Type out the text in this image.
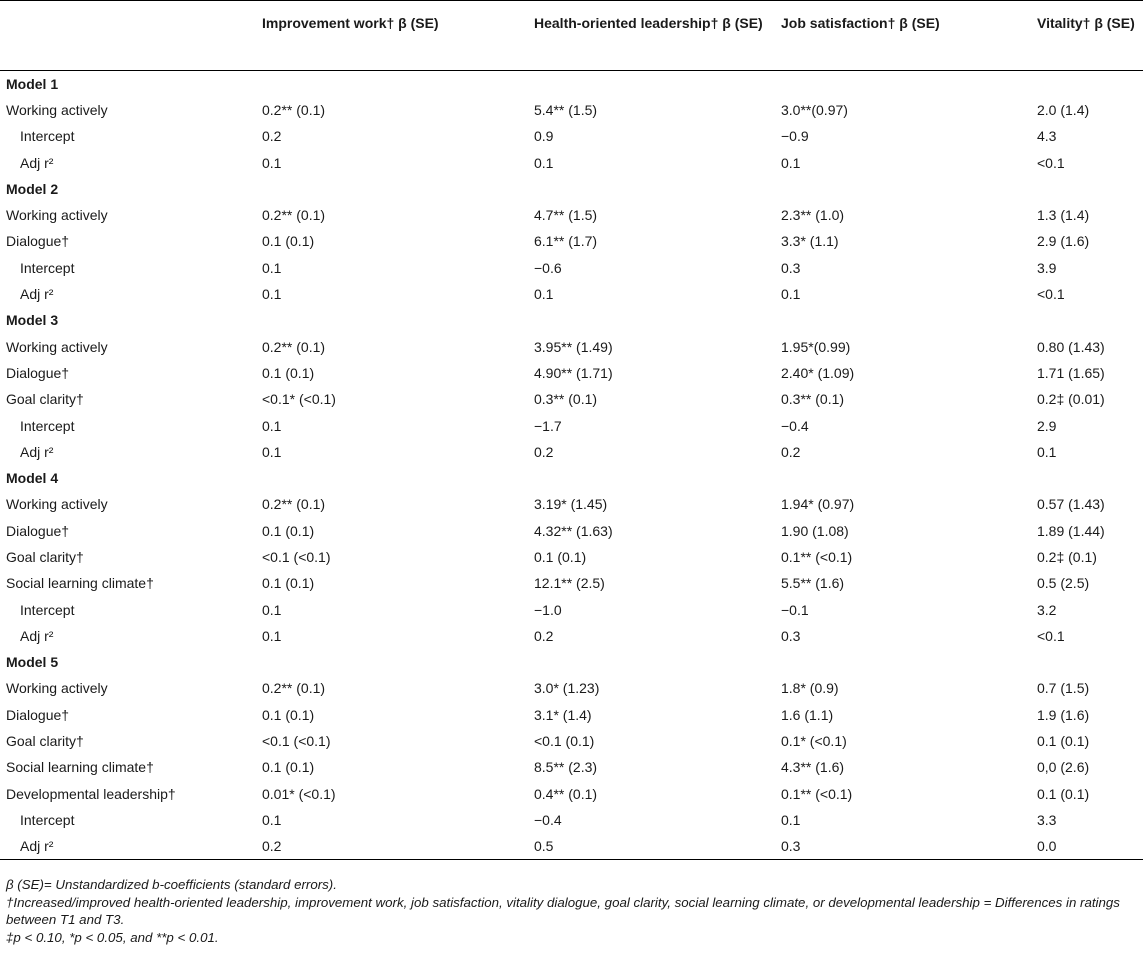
	Improvement work† β (SE)	Health-oriented leadership† β (SE)	Job satisfaction† β (SE)	Vitality† β (SE)
Model 1				
Working actively	0.2** (0.1)	5.4** (1.5)	3.0**(0.97)	2.0 (1.4)
Intercept	0.2	0.9	−0.9	4.3
Adj r²	0.1	0.1	0.1	<0.1
Model 2				
Working actively	0.2** (0.1)	4.7** (1.5)	2.3** (1.0)	1.3 (1.4)
Dialogue†	0.1 (0.1)	6.1** (1.7)	3.3* (1.1)	2.9 (1.6)
Intercept	0.1	−0.6	0.3	3.9
Adj r²	0.1	0.1	0.1	<0.1
Model 3				
Working actively	0.2** (0.1)	3.95** (1.49)	1.95*(0.99)	0.80 (1.43)
Dialogue†	0.1 (0.1)	4.90** (1.71)	2.40* (1.09)	1.71 (1.65)
Goal clarity†	<0.1* (<0.1)	0.3** (0.1)	0.3** (0.1)	0.2‡ (0.01)
Intercept	0.1	−1.7	−0.4	2.9
Adj r²	0.1	0.2	0.2	0.1
Model 4				
Working actively	0.2** (0.1)	3.19* (1.45)	1.94* (0.97)	0.57 (1.43)
Dialogue†	0.1 (0.1)	4.32** (1.63)	1.90 (1.08)	1.89 (1.44)
Goal clarity†	<0.1 (<0.1)	0.1 (0.1)	0.1** (<0.1)	0.2‡ (0.1)
Social learning climate†	0.1 (0.1)	12.1** (2.5)	5.5** (1.6)	0.5 (2.5)
Intercept	0.1	−1.0	−0.1	3.2
Adj r²	0.1	0.2	0.3	<0.1
Model 5				
Working actively	0.2** (0.1)	3.0* (1.23)	1.8* (0.9)	0.7 (1.5)
Dialogue†	0.1 (0.1)	3.1* (1.4)	1.6 (1.1)	1.9 (1.6)
Goal clarity†	<0.1 (<0.1)	<0.1 (0.1)	0.1* (<0.1)	0.1 (0.1)
Social learning climate†	0.1 (0.1)	8.5** (2.3)	4.3** (1.6)	0,0 (2.6)
Developmental leadership†	0.01* (<0.1)	0.4** (0.1)	0.1** (<0.1)	0.1 (0.1)
Intercept	0.1	−0.4	0.1	3.3
Adj r²	0.2	0.5	0.3	0.0

β (SE)= Unstandardized b-coefficients (standard errors).

†Increased/improved health-oriented leadership, improvement work, job satisfaction, vitality dialogue, goal clarity, social learning climate, or developmental leadership = Differences in ratings between T1 and T3.

‡p < 0.10, *p < 0.05, and **p < 0.01.
